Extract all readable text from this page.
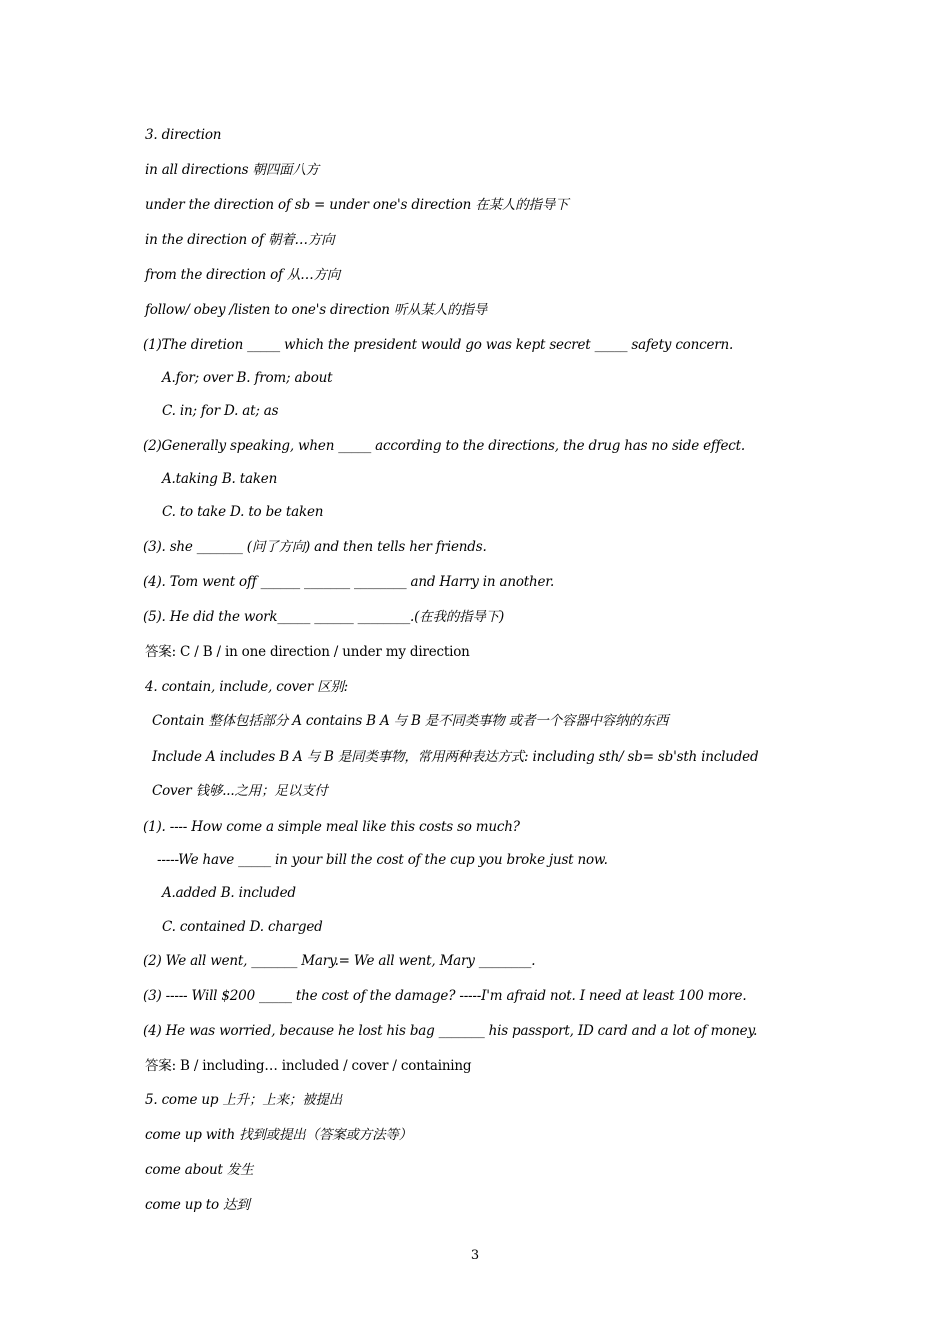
3. direction
in all directions 朝四面八方
under the direction of sb = under one's direction 在某人的指导下
in the direction of 朝着…方向
from the direction of 从…方向
follow/ obey /listen to one's direction 听从某人的指导
(1)The diretion _____ which the president would go was kept secret _____ safety concern.
A.for; over B. from; about
C. in; for D. at; as
(2)Generally speaking, when _____ according to the directions, the drug has no side effect.
A.taking B. taken
C. to take D. to be taken
(3). she _______ (问了方向) and then tells her friends.
(4). Tom went off ______ _______ ________ and Harry in another.
(5). He did the work_____ ______ ________.(在我的指导下)
答案: C / B / in one direction / under my direction
4. contain, include, cover 区别:
Contain 整体包括部分 A contains B A 与 B 是不同类事物 或者一个容器中容纳的东西
Include A includes B A 与 B 是同类事物，常用两种表达方式: including sth/ sb= sb'sth included
Cover 钱够...之用；足以支付
(1). ---- How come a simple meal like this costs so much?
-----We have _____ in your bill the cost of the cup you broke just now.
A.added B. included
C. contained D. charged
(2) We all went, _______ Mary.= We all went, Mary ________.
(3) ----- Will $200 _____ the cost of the damage? -----I'm afraid not. I need at least 100 more.
(4) He was worried, because he lost his bag _______ his passport, ID card and a lot of money.
答案: B / including… included / cover / containing
5. come up 上升；上来；被提出
come up with 找到或提出（答案或方法等）
come about 发生
come up to 达到
3
